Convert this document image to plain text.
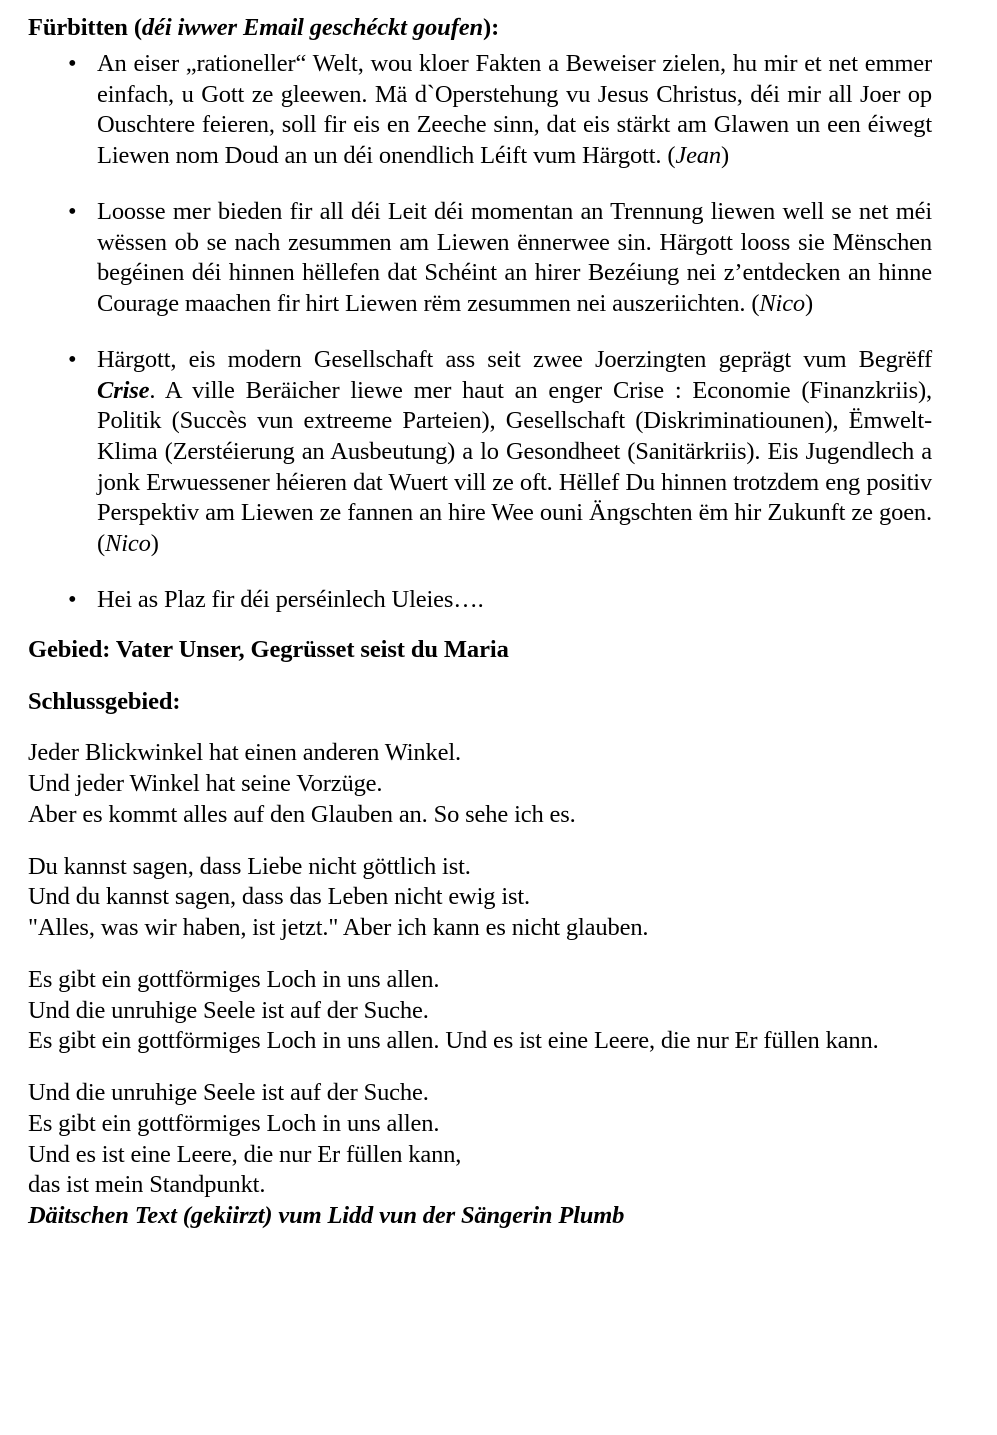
Fürbitten (déi iwwer Email geschéckt goufen):
• An eiser „rationeller“ Welt, wou kloer Fakten a Beweiser zielen, hu mir et net emmer einfach, u Gott ze gleewen. Mä d`Operstehung vu Jesus Christus, déi mir all Joer op Ouschtere feieren, soll fir eis en Zeeche sinn, dat eis stärkt am Glawen un een éiwegt Liewen nom Doud an un déi onendlich Léift vum Härgott. (Jean)
• Loosse mer bieden fir all déi Leit déi momentan an Trennung liewen well se net méi wëssen ob se nach zesummen am Liewen ënnerwee sin. Härgott looss sie Mënschen begéinen déi hinnen hëllefen dat Schéint an hirer Bezéiung nei z’entdecken an hinne Courage maachen fir hirt Liewen rëm zesummen nei auszeriichten. (Nico)
• Härgott, eis modern Gesellschaft ass seit zwee Joerzingten geprägt vum Begrëff Crise. A ville Beräicher liewe mer haut an enger Crise : Economie (Finanzkriis), Politik (Succès vun extreeme Parteien), Gesellschaft (Diskriminatiounen), Ëmwelt-Klima (Zerstéierung an Ausbeutung) a lo Gesondheet (Sanitärkriis). Eis Jugendlech a jonk Erwuessener héieren dat Wuert vill ze oft. Hëllef Du hinnen trotzdem eng positiv Perspektiv am Liewen ze fannen an hire Wee ouni Ängschten ëm hir Zukunft ze goen. (Nico)
• Hei as Plaz fir déi perséinlech Uleies….
Gebied: Vater Unser, Gegrüsset seist du Maria
Schlussgebied:

Jeder Blickwinkel hat einen anderen Winkel.
Und jeder Winkel hat seine Vorzüge.
Aber es kommt alles auf den Glauben an. So sehe ich es.

Du kannst sagen, dass Liebe nicht göttlich ist.
Und du kannst sagen, dass das Leben nicht ewig ist.
"Alles, was wir haben, ist jetzt." Aber ich kann es nicht glauben.

Es gibt ein gottförmiges Loch in uns allen.
Und die unruhige Seele ist auf der Suche.
Es gibt ein gottförmiges Loch in uns allen. Und es ist eine Leere, die nur Er füllen kann.

Und die unruhige Seele ist auf der Suche.
Es gibt ein gottförmiges Loch in uns allen.
Und es ist eine Leere, die nur Er füllen kann,
das ist mein Standpunkt.
Däitschen Text (gekiirzt) vum Lidd vun der Sängerin Plumb
